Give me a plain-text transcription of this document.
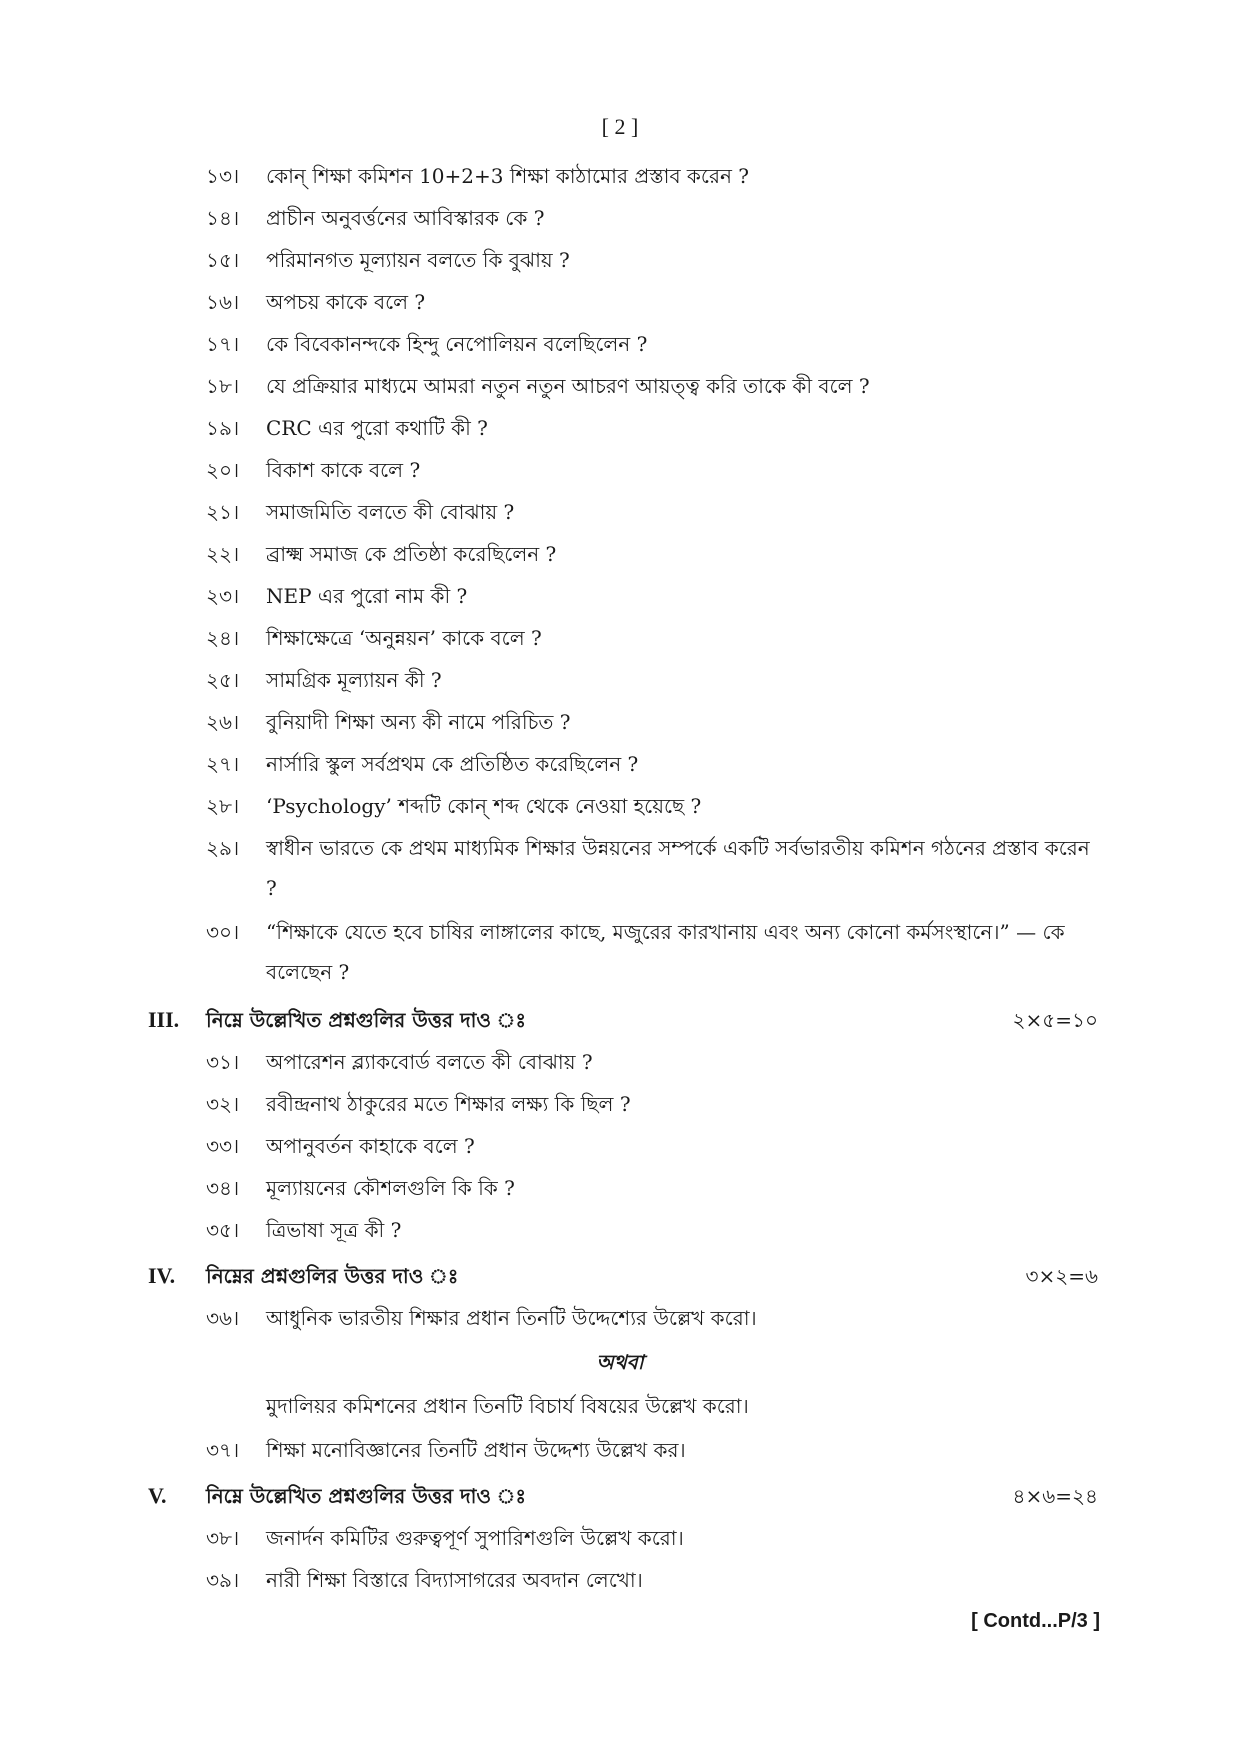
[ 2 ]
১৩।	কোন্ শিক্ষা কমিশন 10+2+3 শিক্ষা কাঠামোর প্রস্তাব করেন ?
১৪।	প্রাচীন অনুবর্ত্তনের আবিস্কারক কে ?
১৫।	পরিমানগত মূল্যায়ন বলতে কি বুঝায় ?
১৬।	অপচয় কাকে বলে ?
১৭।	কে বিবেকানন্দকে হিন্দু নেপোলিয়ন বলেছিলেন ?
১৮।	যে প্রক্রিয়ার মাধ্যমে আমরা নতুন নতুন আচরণ আয়ত্ত্ব করি তাকে কী বলে ?
১৯।	CRC এর পুরো কথাটি কী ?
২০।	বিকাশ কাকে বলে ?
২১।	সমাজমিতি বলতে কী বোঝায় ?
২২।	ব্রাক্ষ্ম সমাজ কে প্রতিষ্ঠা করেছিলেন ?
২৩।	NEP এর পুরো নাম কী ?
২৪।	শিক্ষাক্ষেত্রে ‘অনুন্নয়ন’ কাকে বলে ?
২৫।	সামগ্রিক মূল্যায়ন কী ?
২৬।	বুনিয়াদী শিক্ষা অন্য কী নামে পরিচিত ?
২৭।	নার্সারি স্কুল সর্বপ্রথম কে প্রতিষ্ঠিত করেছিলেন ?
২৮।	‘Psychology’ শব্দটি কোন্ শব্দ থেকে নেওয়া হয়েছে ?
২৯।	স্বাধীন ভারতে কে প্রথম মাধ্যমিক শিক্ষার উন্নয়নের সম্পর্কে একটি সর্বভারতীয় কমিশন গঠনের প্রস্তাব করেন ?
৩০।	“শিক্ষাকে যেতে হবে চাষির লাঙ্গালের কাছে, মজুরের কারখানায় এবং অন্য কোনো কর্মসংস্থানে।” — কে বলেছেন ?
III. নিম্নে উল্লেখিত প্রশ্নগুলির উত্তর দাও ঃ	২×৫=১০
৩১।	অপারেশন ব্ল্যাকবোর্ড বলতে কী বোঝায় ?
৩২।	রবীন্দ্রনাথ ঠাকুরের মতে শিক্ষার লক্ষ্য কি ছিল ?
৩৩।	অপানুবর্তন কাহাকে বলে ?
৩৪।	মূল্যায়নের কৌশলগুলি কি কি ?
৩৫।	ত্রিভাষা সূত্র কী ?
IV. নিম্নের প্রশ্নগুলির উত্তর দাও ঃ	৩×২=৬
৩৬।	আধুনিক ভারতীয় শিক্ষার প্রধান তিনটি উদ্দেশ্যের উল্লেখ করো।
অথবা
মুদালিয়র কমিশনের প্রধান তিনটি বিচার্য বিষয়ের উল্লেখ করো।
৩৭।	শিক্ষা মনোবিজ্ঞানের তিনটি প্রধান উদ্দেশ্য উল্লেখ কর।
V. নিম্নে উল্লেখিত প্রশ্নগুলির উত্তর দাও ঃ	৪×৬=২৪
৩৮।	জনার্দন কমিটির গুরুত্বপূর্ণ সুপারিশগুলি উল্লেখ করো।
৩৯।	নারী শিক্ষা বিস্তারে বিদ্যাসাগরের অবদান লেখো।
[ Contd...P/3 ]
